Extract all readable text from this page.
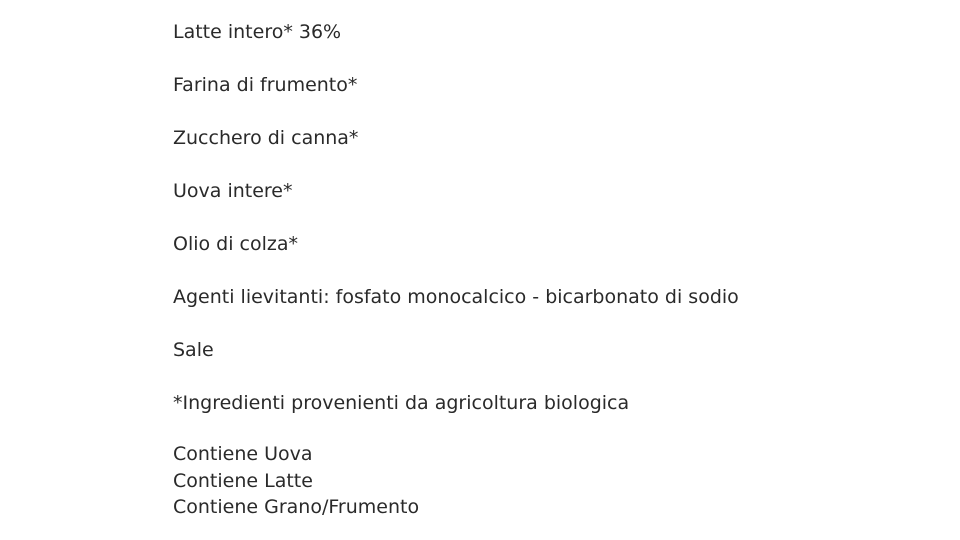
Latte intero* 36%
Farina di frumento*
Zucchero di canna*
Uova intere*
Olio di colza*
Agenti lievitanti: fosfato monocalcico - bicarbonato di sodio
Sale
*Ingredienti provenienti da agricoltura biologica
Contiene Uova
Contiene Latte
Contiene Grano/Frumento
